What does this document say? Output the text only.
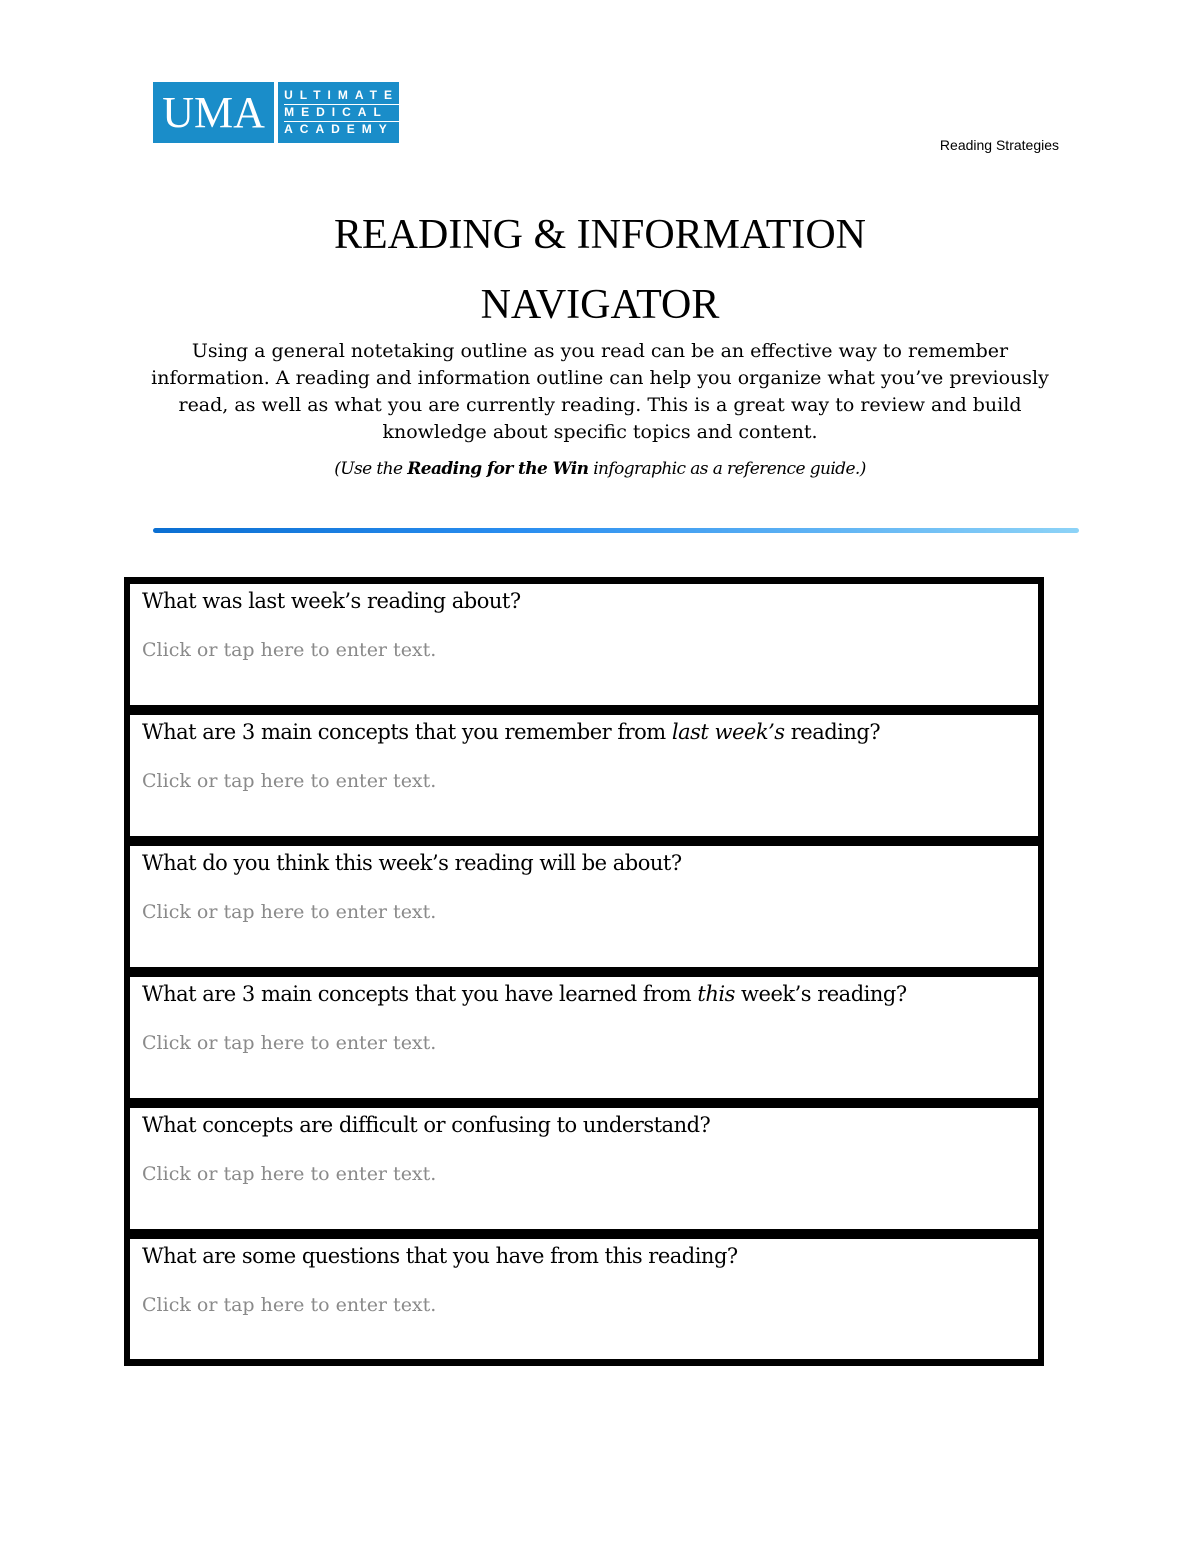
UMA	ULTIMATE
MEDICAL
ACADEMY
Reading Strategies
READING & INFORMATION
NAVIGATOR
Using a general notetaking outline as you read can be an effective way to remember information. A reading and information outline can help you organize what you’ve previously read, as well as what you are currently reading. This is a great way to review and build knowledge about specific topics and content.
(Use the Reading for the Win infographic as a reference guide.)
What was last week’s reading about?
Click or tap here to enter text.
What are 3 main concepts that you remember from last week’s reading?
Click or tap here to enter text.
What do you think this week’s reading will be about?
Click or tap here to enter text.
What are 3 main concepts that you have learned from this week’s reading?
Click or tap here to enter text.
What concepts are difficult or confusing to understand?
Click or tap here to enter text.
What are some questions that you have from this reading?
Click or tap here to enter text.
